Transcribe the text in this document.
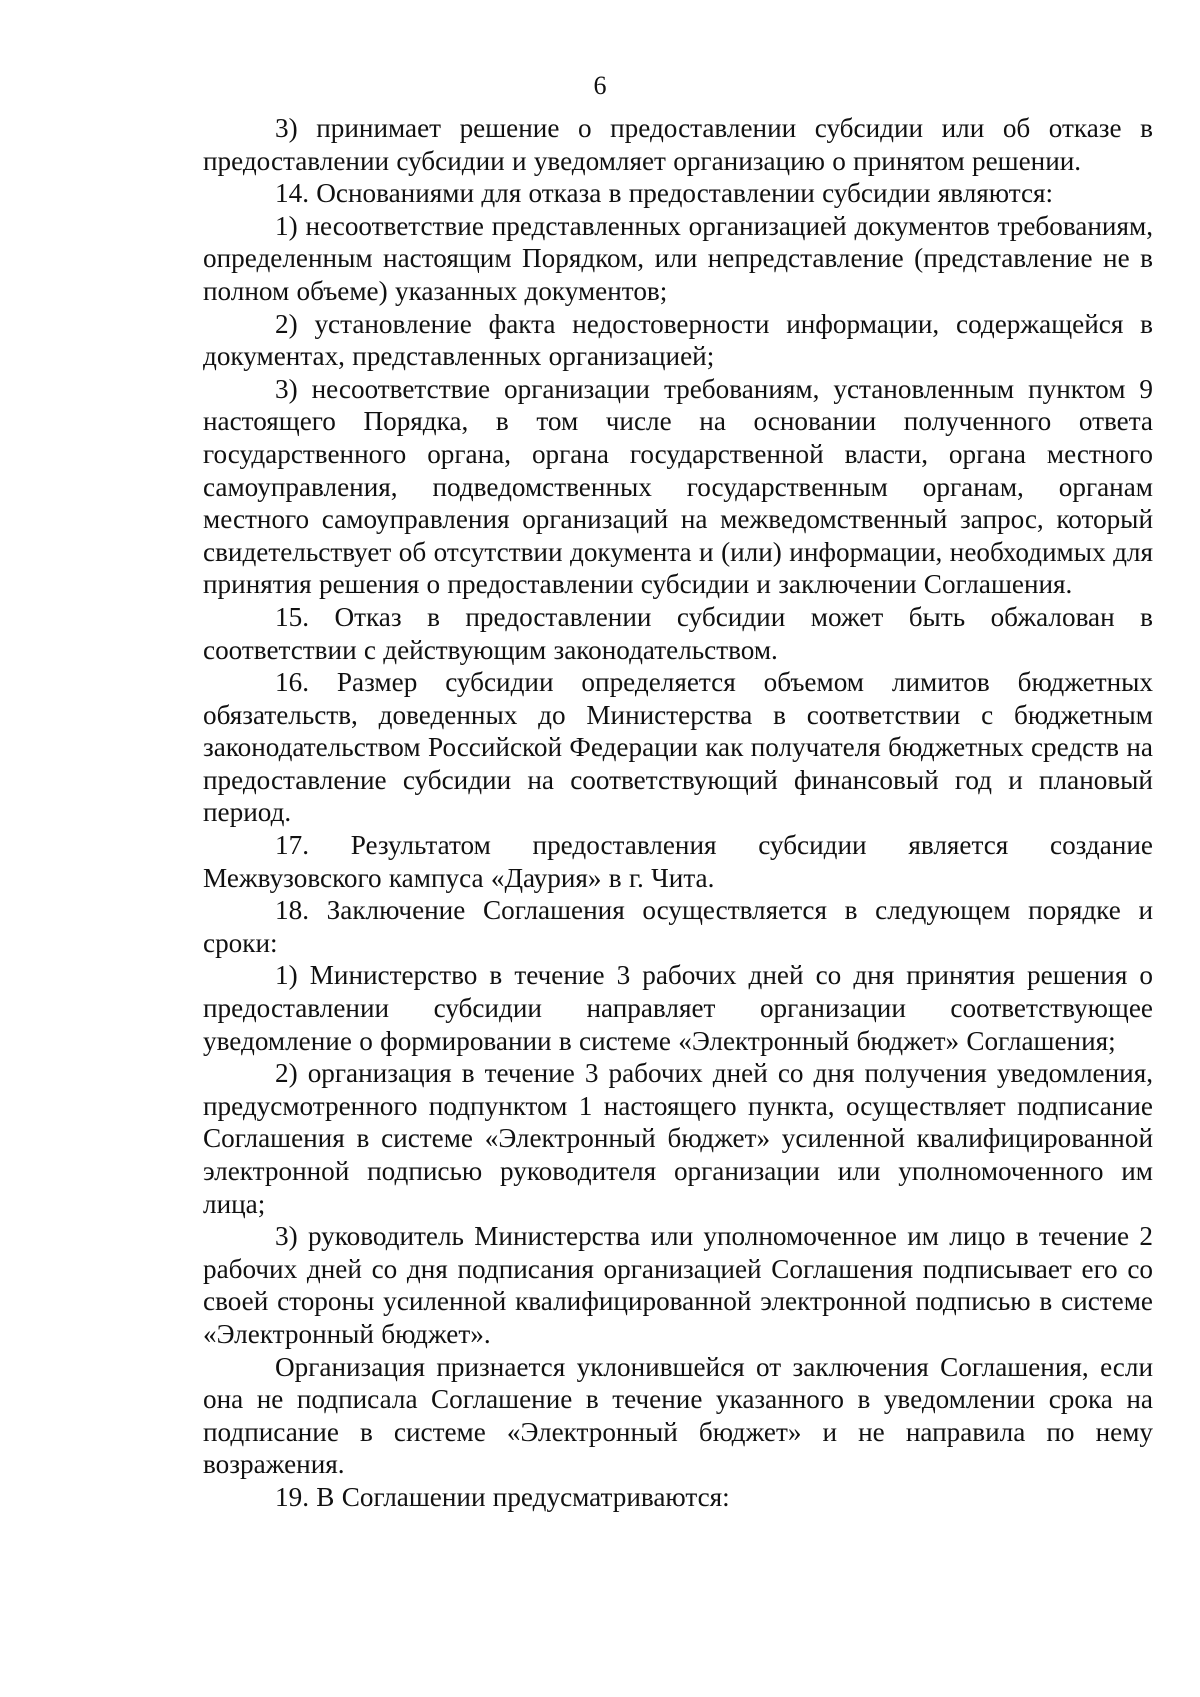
6

3) принимает решение о предоставлении субсидии или об отказе в предоставлении субсидии и уведомляет организацию о принятом решении.

14. Основаниями для отказа в предоставлении субсидии являются:

1) несоответствие представленных организацией документов требованиям, определенным настоящим Порядком, или непредставление (представление не в полном объеме) указанных документов;

2) установление факта недостоверности информации, содержащейся в документах, представленных организацией;

3) несоответствие организации требованиям, установленным пунктом 9 настоящего Порядка, в том числе на основании полученного ответа государственного органа, органа государственной власти, органа местного самоуправления, подведомственных государственным органам, органам местного самоуправления организаций на межведомственный запрос, который свидетельствует об отсутствии документа и (или) информации, необходимых для принятия решения о предоставлении субсидии и заключении Соглашения.

15. Отказ в предоставлении субсидии может быть обжалован в соответствии с действующим законодательством.

16. Размер субсидии определяется объемом лимитов бюджетных обязательств, доведенных до Министерства в соответствии с бюджетным законодательством Российской Федерации как получателя бюджетных средств на предоставление субсидии на соответствующий финансовый год и плановый период.

17. Результатом предоставления субсидии является создание Межвузовского кампуса «Даурия» в г. Чита.

18. Заключение Соглашения осуществляется в следующем порядке и сроки:

1) Министерство в течение 3 рабочих дней со дня принятия решения о предоставлении субсидии направляет организации соответствующее уведомление о формировании в системе «Электронный бюджет» Соглашения;

2) организация в течение 3 рабочих дней со дня получения уведомления, предусмотренного подпунктом 1 настоящего пункта, осуществляет подписание Соглашения в системе «Электронный бюджет» усиленной квалифицированной электронной подписью руководителя организации или уполномоченного им лица;

3) руководитель Министерства или уполномоченное им лицо в течение 2 рабочих дней со дня подписания организацией Соглашения подписывает его со своей стороны усиленной квалифицированной электронной подписью в системе «Электронный бюджет».

Организация признается уклонившейся от заключения Соглашения, если она не подписала Соглашение в течение указанного в уведомлении срока на подписание в системе «Электронный бюджет» и не направила по нему возражения.

19. В Соглашении предусматриваются:
